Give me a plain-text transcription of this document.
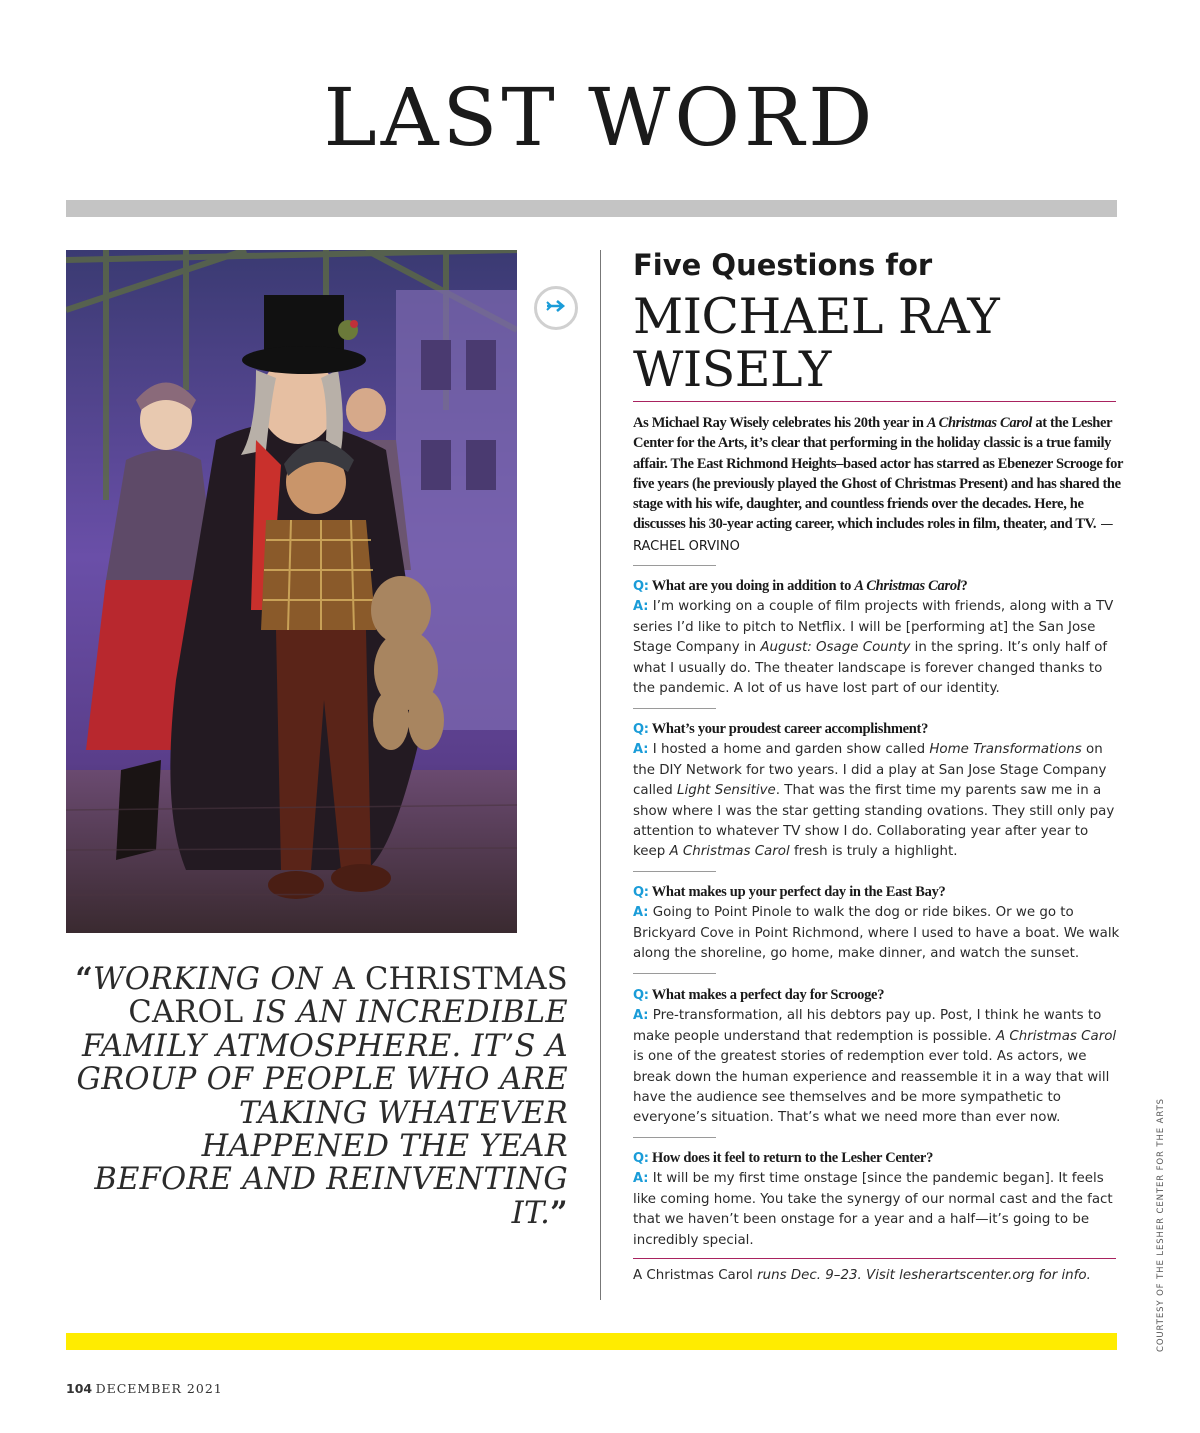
LAST WORD
“WORKING ON A CHRISTMAS CAROL IS AN INCREDIBLE FAMILY ATMOSPHERE. IT’S A GROUP OF PEOPLE WHO ARE TAKING WHATEVER HAPPENED THE YEAR BEFORE AND REINVENTING IT.”
Five Questions for
MICHAEL RAY
WISELY
As Michael Ray Wisely celebrates his 20th year in A Christmas Carol at the Lesher Center for the Arts, it’s clear that performing in the holiday classic is a true family affair. The East Richmond Heights–based actor has starred as Ebenezer Scrooge for five years (he previously played the Ghost of Christmas Present) and has shared the stage with his wife, daughter, and countless friends over the decades. Here, he discusses his 30-year acting career, which includes roles in film, theater, and TV. —RACHEL ORVINO
Q: What are you doing in addition to A Christmas Carol?

A: I’m working on a couple of film projects with friends, along with a TV series I’d like to pitch to Netflix. I will be [performing at] the San Jose Stage Company in August: Osage County in the spring. It’s only half of what I usually do. The theater landscape is forever changed thanks to the pandemic. A lot of us have lost part of our identity.

Q: What’s your proudest career accomplishment?

A: I hosted a home and garden show called Home Transformations on the DIY Network for two years. I did a play at San Jose Stage Company called Light Sensitive. That was the first time my parents saw me in a show where I was the star getting standing ovations. They still only pay attention to whatever TV show I do. Collaborating year after year to keep A Christmas Carol fresh is truly a highlight.

Q: What makes up your perfect day in the East Bay?

A: Going to Point Pinole to walk the dog or ride bikes. Or we go to Brickyard Cove in Point Richmond, where I used to have a boat. We walk along the shoreline, go home, make dinner, and watch the sunset.

Q: What makes a perfect day for Scrooge?

A: Pre-transformation, all his debtors pay up. Post, I think he wants to make people understand that redemption is possible. A Christmas Carol is one of the greatest stories of redemption ever told. As actors, we break down the human experience and reassemble it in a way that will have the audience see themselves and be more sympathetic to everyone’s situation. That’s what we need more than ever now.

Q: How does it feel to return to the Lesher Center?

A: It will be my first time onstage [since the pandemic began]. It feels like coming home. You take the synergy of our normal cast and the fact that we haven’t been onstage for a year and a half—it’s going to be incredibly special.

A Christmas Carol runs Dec. 9–23. Visit lesherartscenter.org for info.	COURTESY OF THE LESHER CENTER FOR THE ARTS
104 DECEMBER 2021
